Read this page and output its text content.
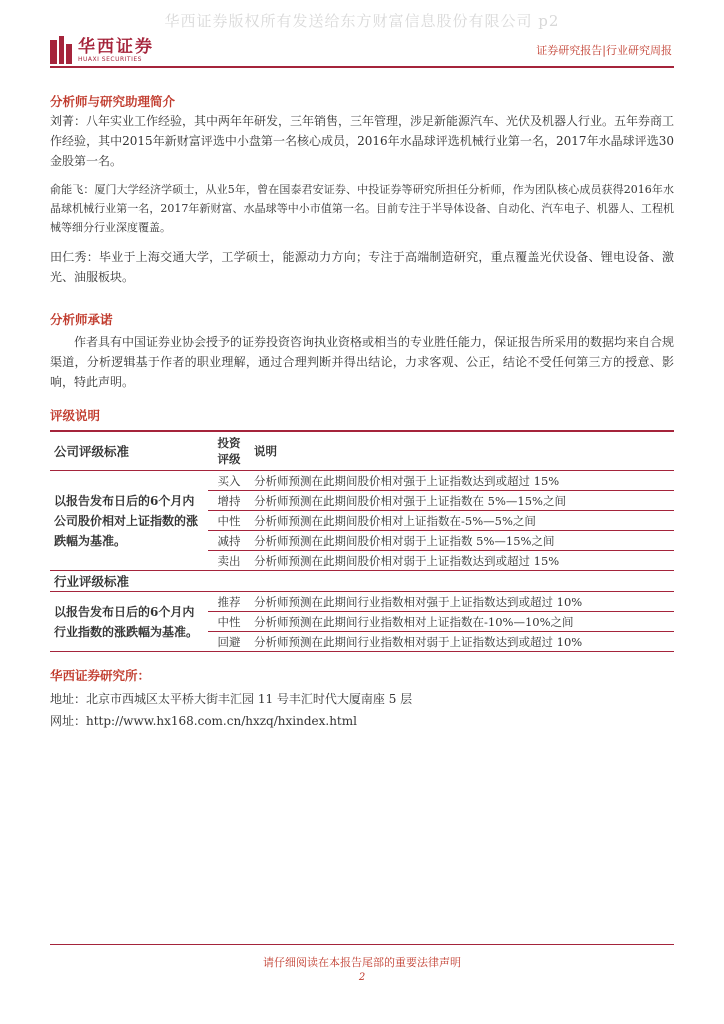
华西证券版权所有发送给东方财富信息股份有限公司 p2
华西证券
HUAXI SECURITIES
证券研究报告|行业研究周报
分析师与研究助理简介
刘菁：八年实业工作经验，其中两年年研发，三年销售，三年管理，涉足新能源汽车、光伏及机器人行业。五年券商工作经验，其中2015年新财富评选中小盘第一名核心成员，2016年水晶球评选机械行业第一名，2017年水晶球评选30金股第一名。
俞能飞：厦门大学经济学硕士，从业5年，曾在国泰君安证券、中投证券等研究所担任分析师，作为团队核心成员获得2016年水晶球机械行业第一名，2017年新财富、水晶球等中小市值第一名。目前专注于半导体设备、自动化、汽车电子、机器人、工程机械等细分行业深度覆盖。
田仁秀：毕业于上海交通大学，工学硕士，能源动力方向；专注于高端制造研究，重点覆盖光伏设备、锂电设备、激光、油服板块。
分析师承诺
作者具有中国证券业协会授予的证券投资咨询执业资格或相当的专业胜任能力，保证报告所采用的数据均来自合规渠道，分析逻辑基于作者的职业理解，通过合理判断并得出结论，力求客观、公正，结论不受任何第三方的授意、影响，特此声明。
评级说明
公司评级标准	投资评级	说明
以报告发布日后的6个月内公司股价相对上证指数的涨跌幅为基准。	买入	分析师预测在此期间股价相对强于上证指数达到或超过 15%
	增持	分析师预测在此期间股价相对强于上证指数在 5%—15%之间
	中性	分析师预测在此期间股价相对上证指数在-5%—5%之间
	减持	分析师预测在此期间股价相对弱于上证指数 5%—15%之间
	卖出	分析师预测在此期间股价相对弱于上证指数达到或超过 15%
行业评级标准		
以报告发布日后的6个月内行业指数的涨跌幅为基准。	推荐	分析师预测在此期间行业指数相对强于上证指数达到或超过 10%
	中性	分析师预测在此期间行业指数相对上证指数在-10%—10%之间
	回避	分析师预测在此期间行业指数相对弱于上证指数达到或超过 10%
华西证券研究所：
地址：北京市西城区太平桥大街丰汇园 11 号丰汇时代大厦南座 5 层
网址：http://www.hx168.com.cn/hxzq/hxindex.html
请仔细阅读在本报告尾部的重要法律声明
2
